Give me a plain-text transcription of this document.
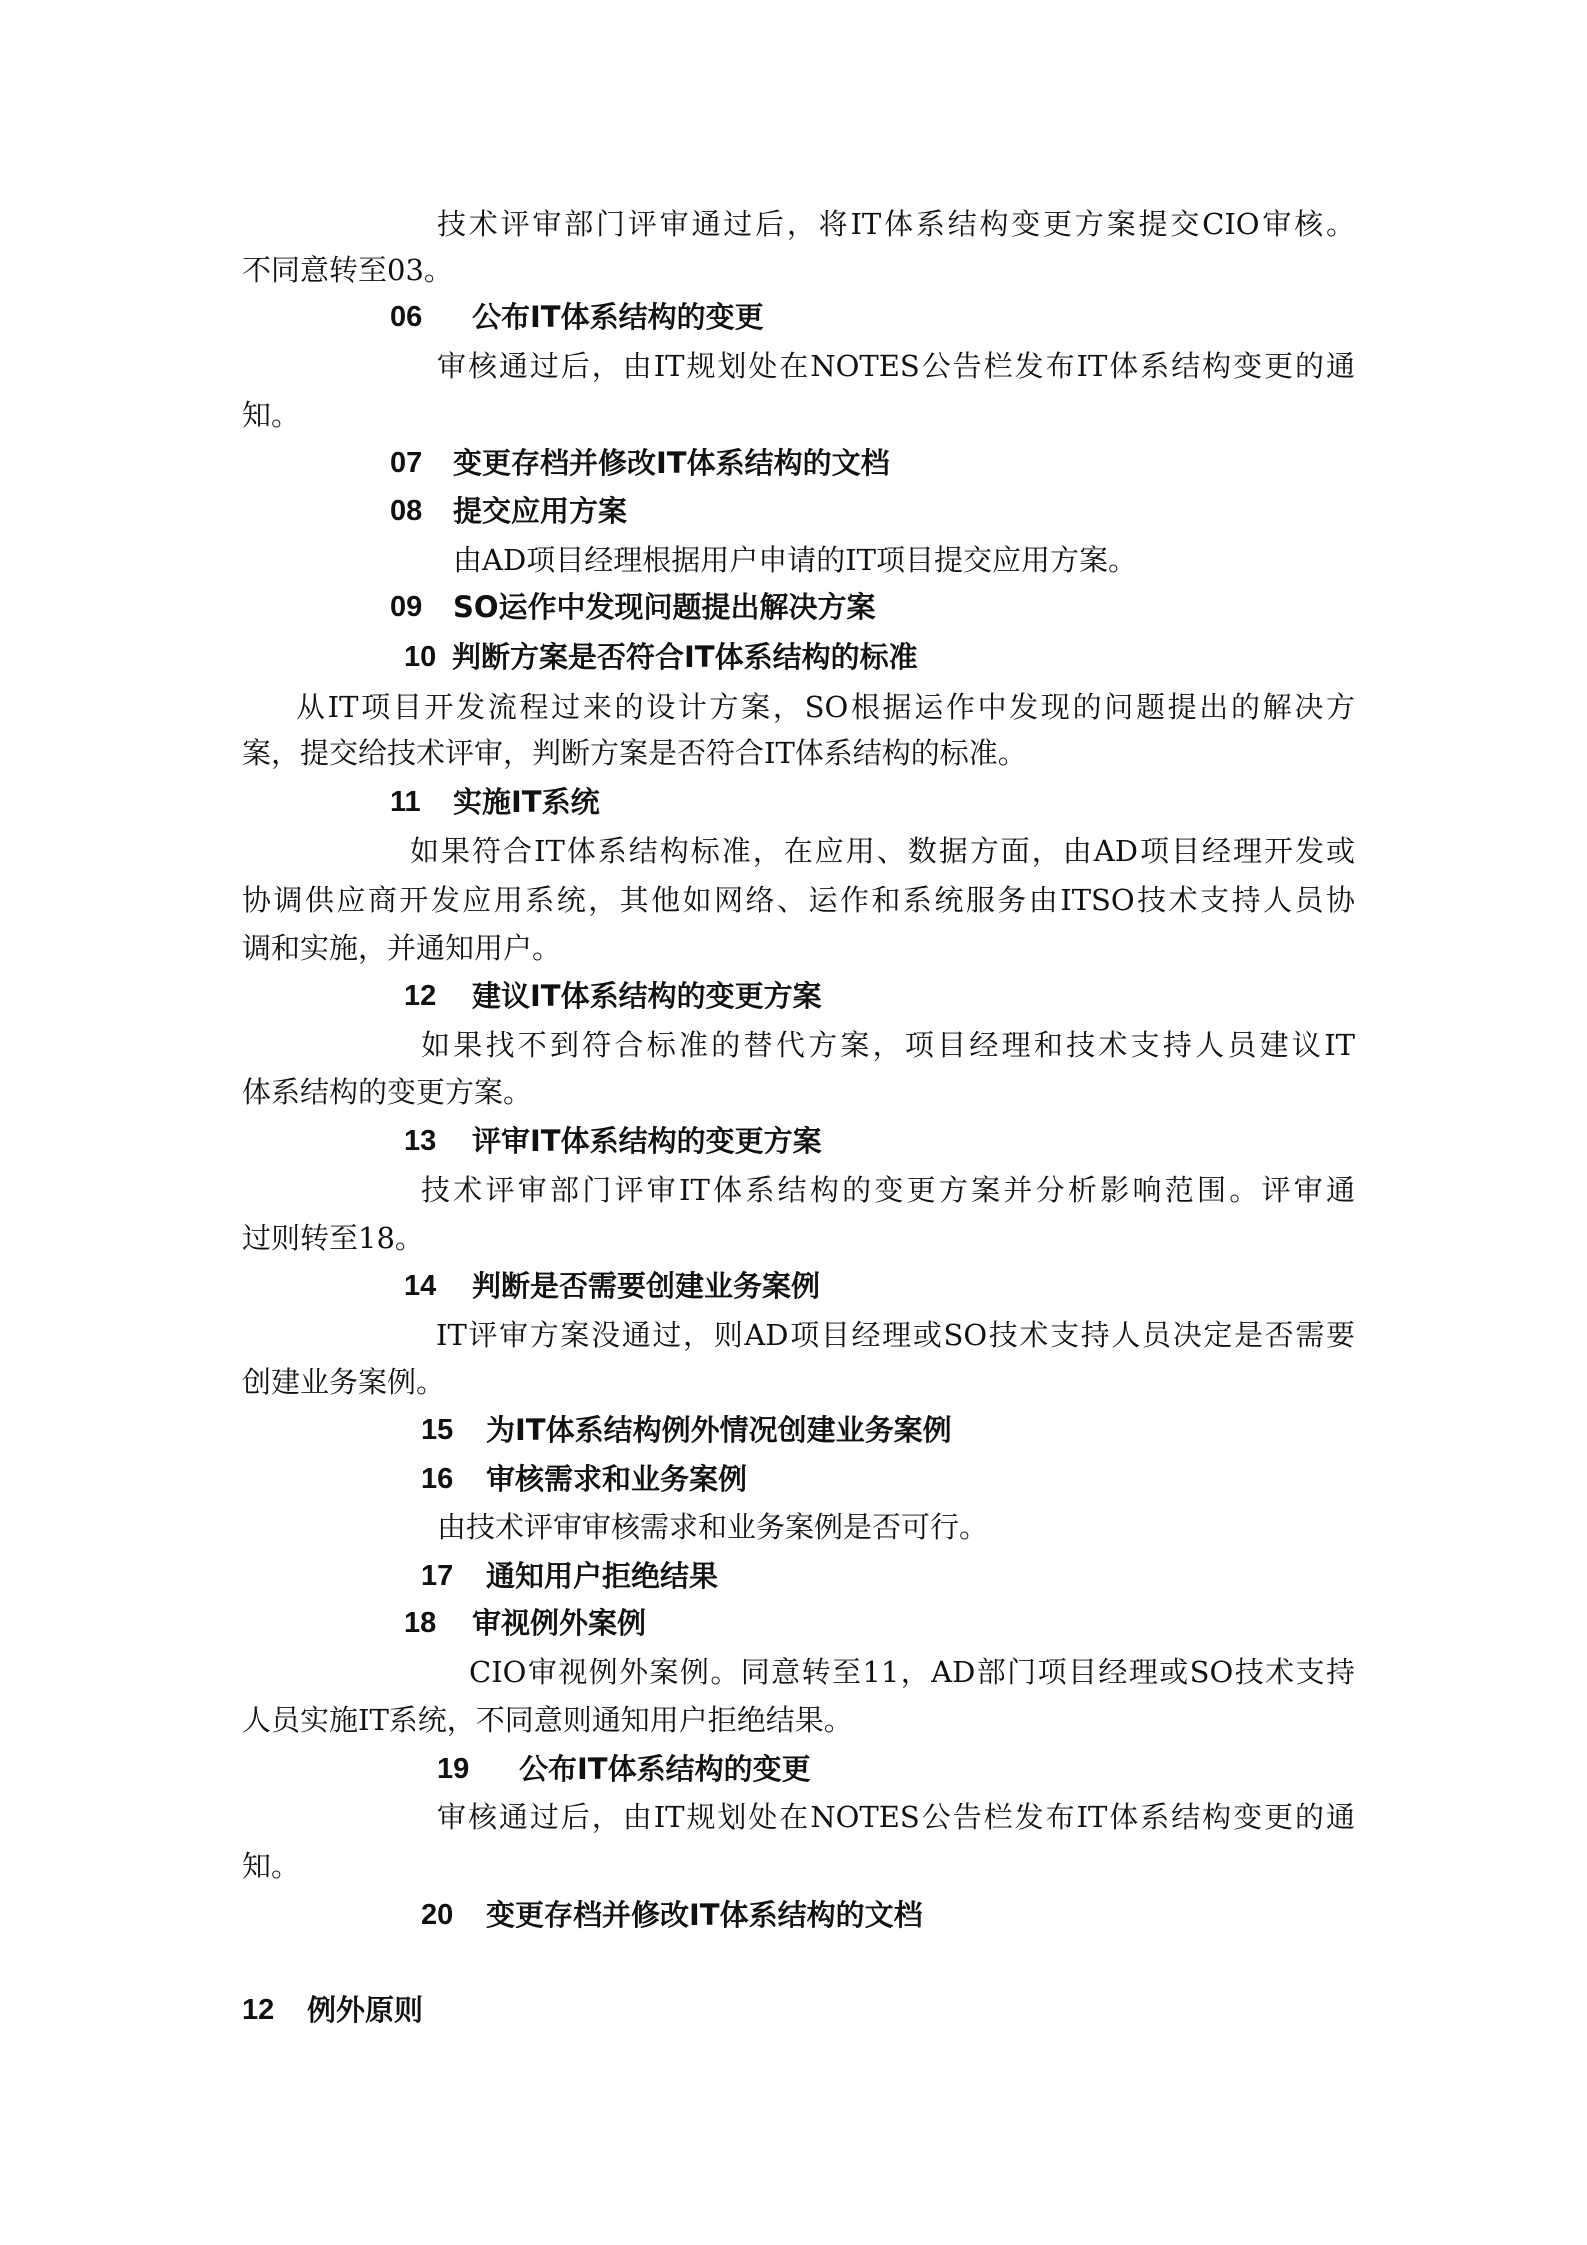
技术评审部门评审通过后，将IT体系结构变更方案提交CIO审核。
不同意转至03。
06 公布IT体系结构的变更
审核通过后，由IT规划处在NOTES公告栏发布IT体系结构变更的通
知。
07 变更存档并修改IT体系结构的文档
08 提交应用方案
由AD项目经理根据用户申请的IT项目提交应用方案。
09 SO运作中发现问题提出解决方案
10 判断方案是否符合IT体系结构的标准
从IT项目开发流程过来的设计方案，SO根据运作中发现的问题提出的解决方
案，提交给技术评审，判断方案是否符合IT体系结构的标准。
11 实施IT系统
如果符合IT体系结构标准，在应用、数据方面，由AD项目经理开发或
协调供应商开发应用系统，其他如网络、运作和系统服务由ITSO技术支持人员协
调和实施，并通知用户。
12 建议IT体系结构的变更方案
如果找不到符合标准的替代方案，项目经理和技术支持人员建议IT
体系结构的变更方案。
13 评审IT体系结构的变更方案
技术评审部门评审IT体系结构的变更方案并分析影响范围。评审通
过则转至18。
14 判断是否需要创建业务案例
IT评审方案没通过，则AD项目经理或SO技术支持人员决定是否需要
创建业务案例。
15 为IT体系结构例外情况创建业务案例
16 审核需求和业务案例
由技术评审审核需求和业务案例是否可行。
17 通知用户拒绝结果
18 审视例外案例
CIO审视例外案例。同意转至11，AD部门项目经理或SO技术支持
人员实施IT系统，不同意则通知用户拒绝结果。
19 公布IT体系结构的变更
审核通过后，由IT规划处在NOTES公告栏发布IT体系结构变更的通
知。
20 变更存档并修改IT体系结构的文档
12 例外原则
